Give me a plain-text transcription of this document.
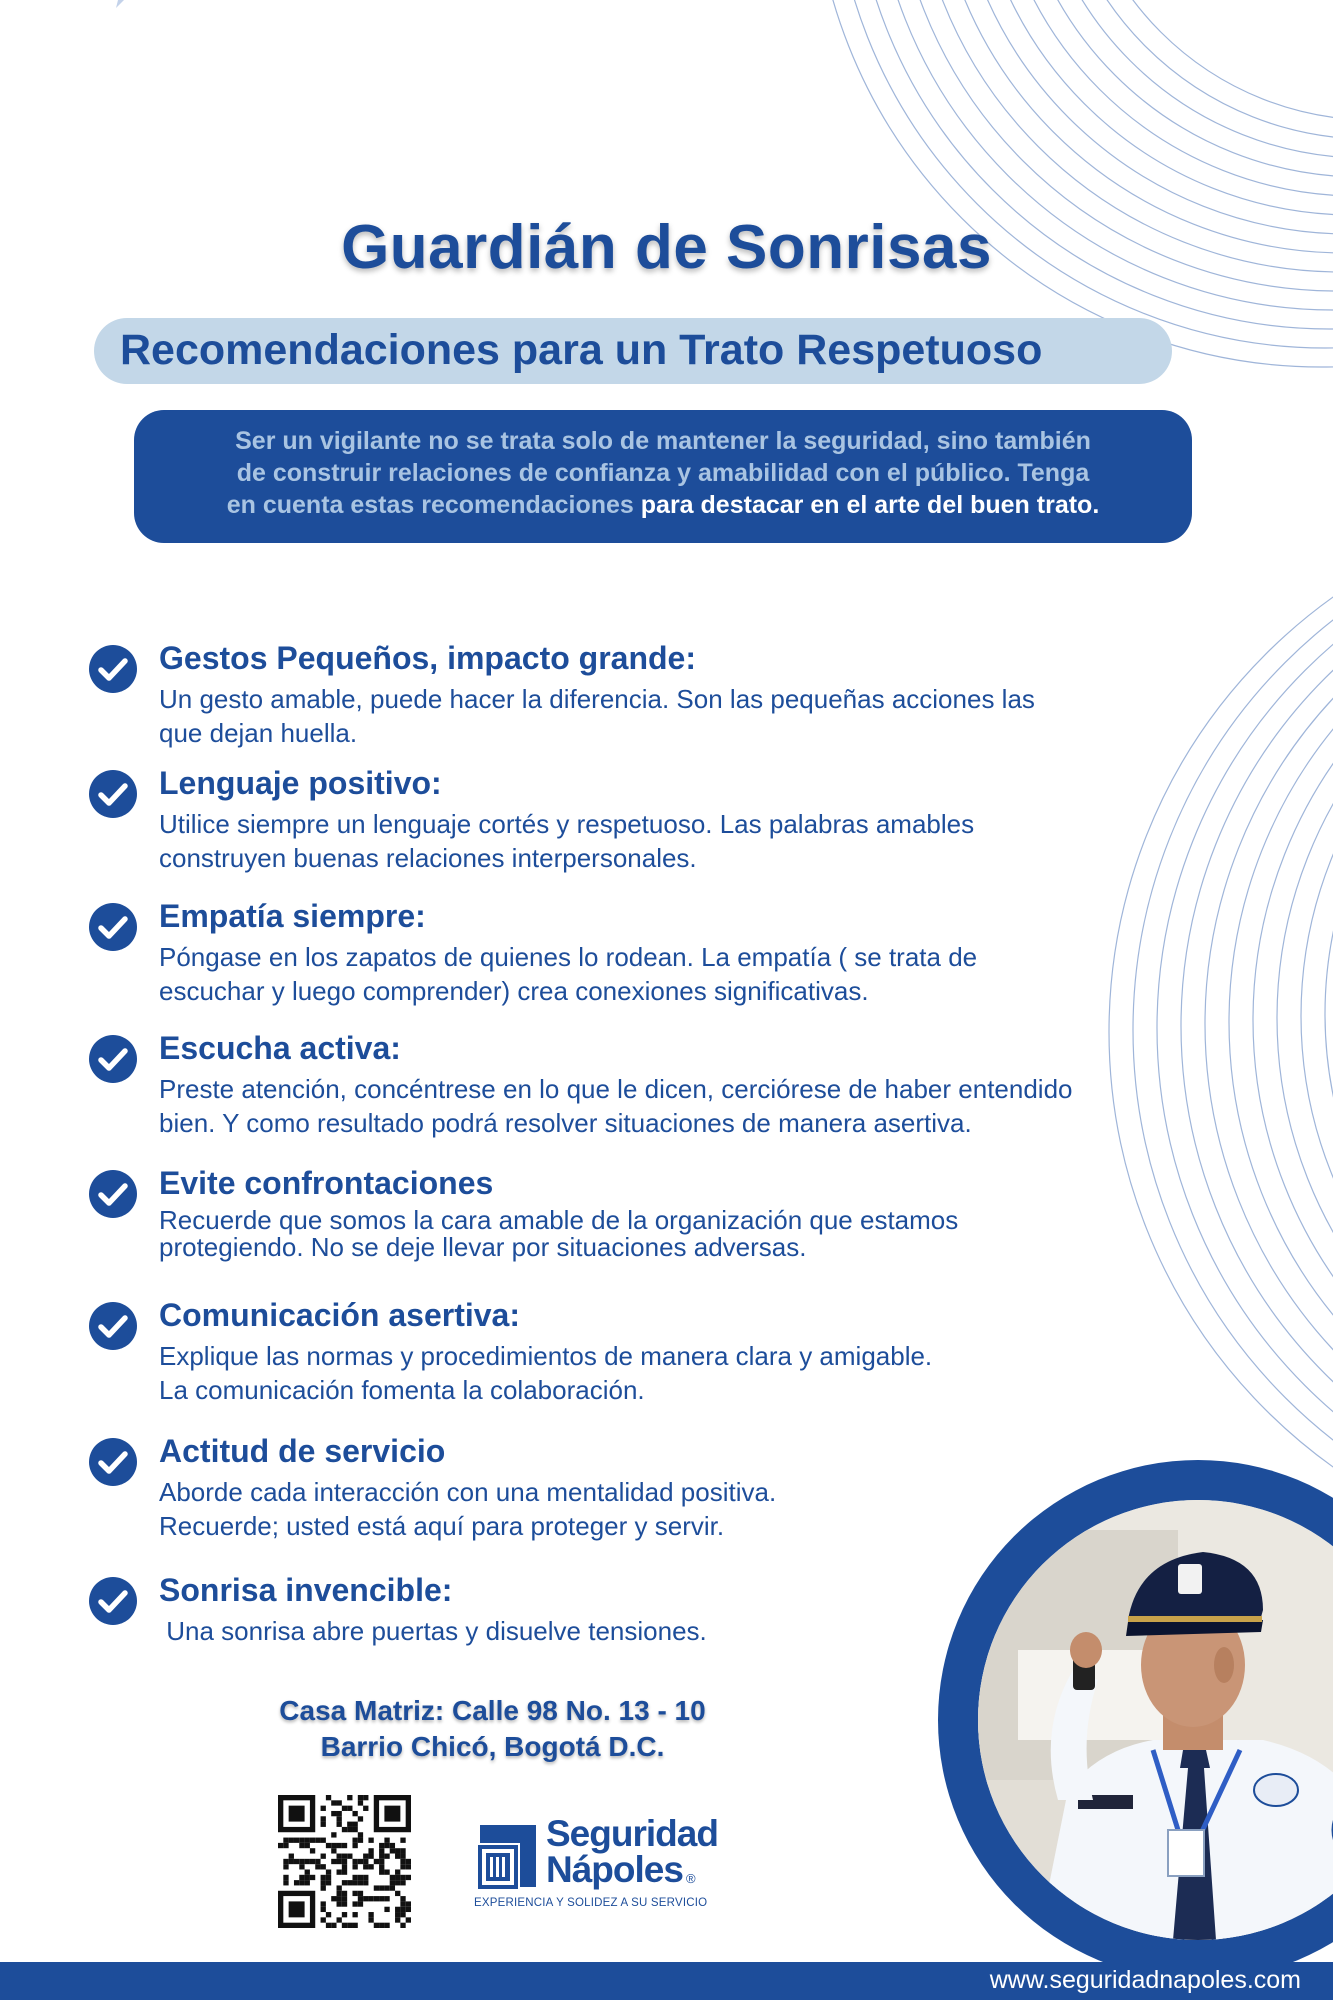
Guardián de Sonrisas
Recomendaciones para un Trato Respetuoso
Ser un vigilante no se trata solo de mantener la seguridad, sino también
de construir relaciones de confianza y amabilidad con el público. Tenga
en cuenta estas recomendaciones para destacar en el arte del buen trato.
Gestos Pequeños, impacto grande:
Un gesto amable, puede hacer la diferencia. Son las pequeñas acciones las
que dejan huella.
Lenguaje positivo:
Utilice siempre un lenguaje cortés y respetuoso. Las palabras amables
construyen buenas relaciones interpersonales.
Empatía siempre:
Póngase en los zapatos de quienes lo rodean. La empatía ( se trata de
escuchar y luego comprender) crea conexiones significativas.
Escucha activa:
Preste atención, concéntrese en lo que le dicen, cerciórese de haber entendido
bien. Y como resultado podrá resolver situaciones de manera asertiva.
Evite confrontaciones
Recuerde que somos la cara amable de la organización que estamos
protegiendo. No se deje llevar por situaciones adversas.
Comunicación asertiva:
Explique las normas y procedimientos de manera clara y amigable.
La comunicación fomenta la colaboración.
Actitud de servicio
Aborde cada interacción con una mentalidad positiva.
Recuerde; usted está aquí para proteger y servir.
Sonrisa invencible:
Una sonrisa abre puertas y disuelve tensiones.
Casa Matriz: Calle 98 No. 13 - 10
Barrio Chicó, Bogotá D.C.
Seguridad
Nápoles ®
EXPERIENCIA Y SOLIDEZ A SU SERVICIO
www.seguridadnapoles.com
